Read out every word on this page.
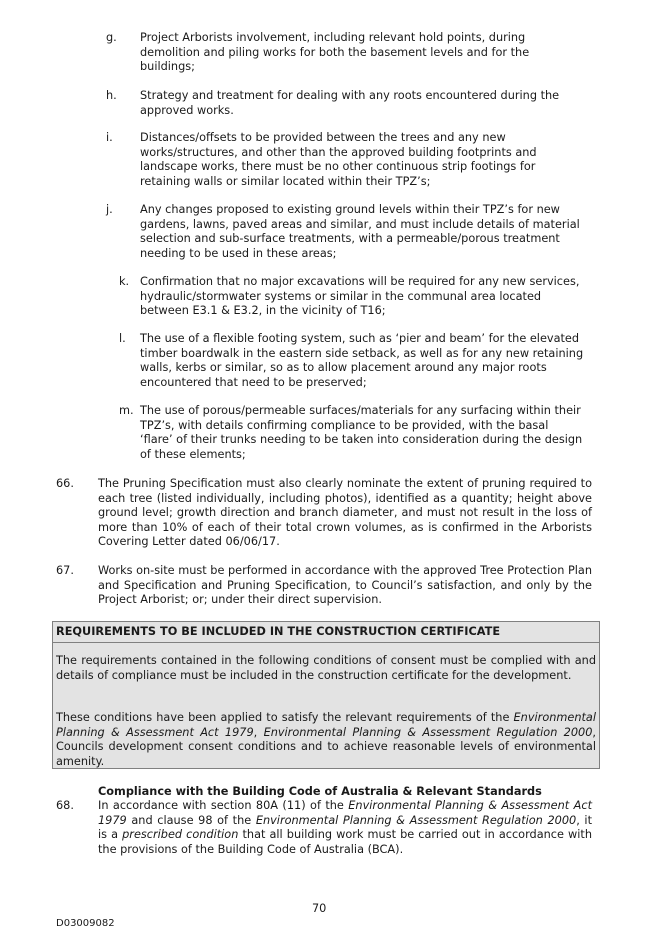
g. Project Arborists involvement, including relevant hold points, during demolition and piling works for both the basement levels and for the buildings;
h. Strategy and treatment for dealing with any roots encountered during the approved works.
i. Distances/offsets to be provided between the trees and any new works/structures, and other than the approved building footprints and landscape works, there must be no other continuous strip footings for retaining walls or similar located within their TPZ’s;
j. Any changes proposed to existing ground levels within their TPZ’s for new gardens, lawns, paved areas and similar, and must include details of material selection and sub-surface treatments, with a permeable/porous treatment needing to be used in these areas;
k. Confirmation that no major excavations will be required for any new services, hydraulic/stormwater systems or similar in the communal area located between E3.1 & E3.2, in the vicinity of T16;
l. The use of a flexible footing system, such as ‘pier and beam’ for the elevated timber boardwalk in the eastern side setback, as well as for any new retaining walls, kerbs or similar, so as to allow placement around any major roots encountered that need to be preserved;
m. The use of porous/permeable surfaces/materials for any surfacing within their TPZ’s, with details confirming compliance to be provided, with the basal ‘flare’ of their trunks needing to be taken into consideration during the design of these elements;
66. The Pruning Specification must also clearly nominate the extent of pruning required to each tree (listed individually, including photos), identified as a quantity; height above ground level; growth direction and branch diameter, and must not result in the loss of more than 10% of each of their total crown volumes, as is confirmed in the Arborists Covering Letter dated 06/06/17.
67. Works on-site must be performed in accordance with the approved Tree Protection Plan and Specification and Pruning Specification, to Council’s satisfaction, and only by the Project Arborist; or; under their direct supervision.
REQUIREMENTS TO BE INCLUDED IN THE CONSTRUCTION CERTIFICATE
The requirements contained in the following conditions of consent must be complied with and details of compliance must be included in the construction certificate for the development.
These conditions have been applied to satisfy the relevant requirements of the Environmental Planning & Assessment Act 1979, Environmental Planning & Assessment Regulation 2000, Councils development consent conditions and to achieve reasonable levels of environmental amenity.
Compliance with the Building Code of Australia & Relevant Standards
68. In accordance with section 80A (11) of the Environmental Planning & Assessment Act 1979 and clause 98 of the Environmental Planning & Assessment Regulation 2000, it is a prescribed condition that all building work must be carried out in accordance with the provisions of the Building Code of Australia (BCA).
70
D03009082
